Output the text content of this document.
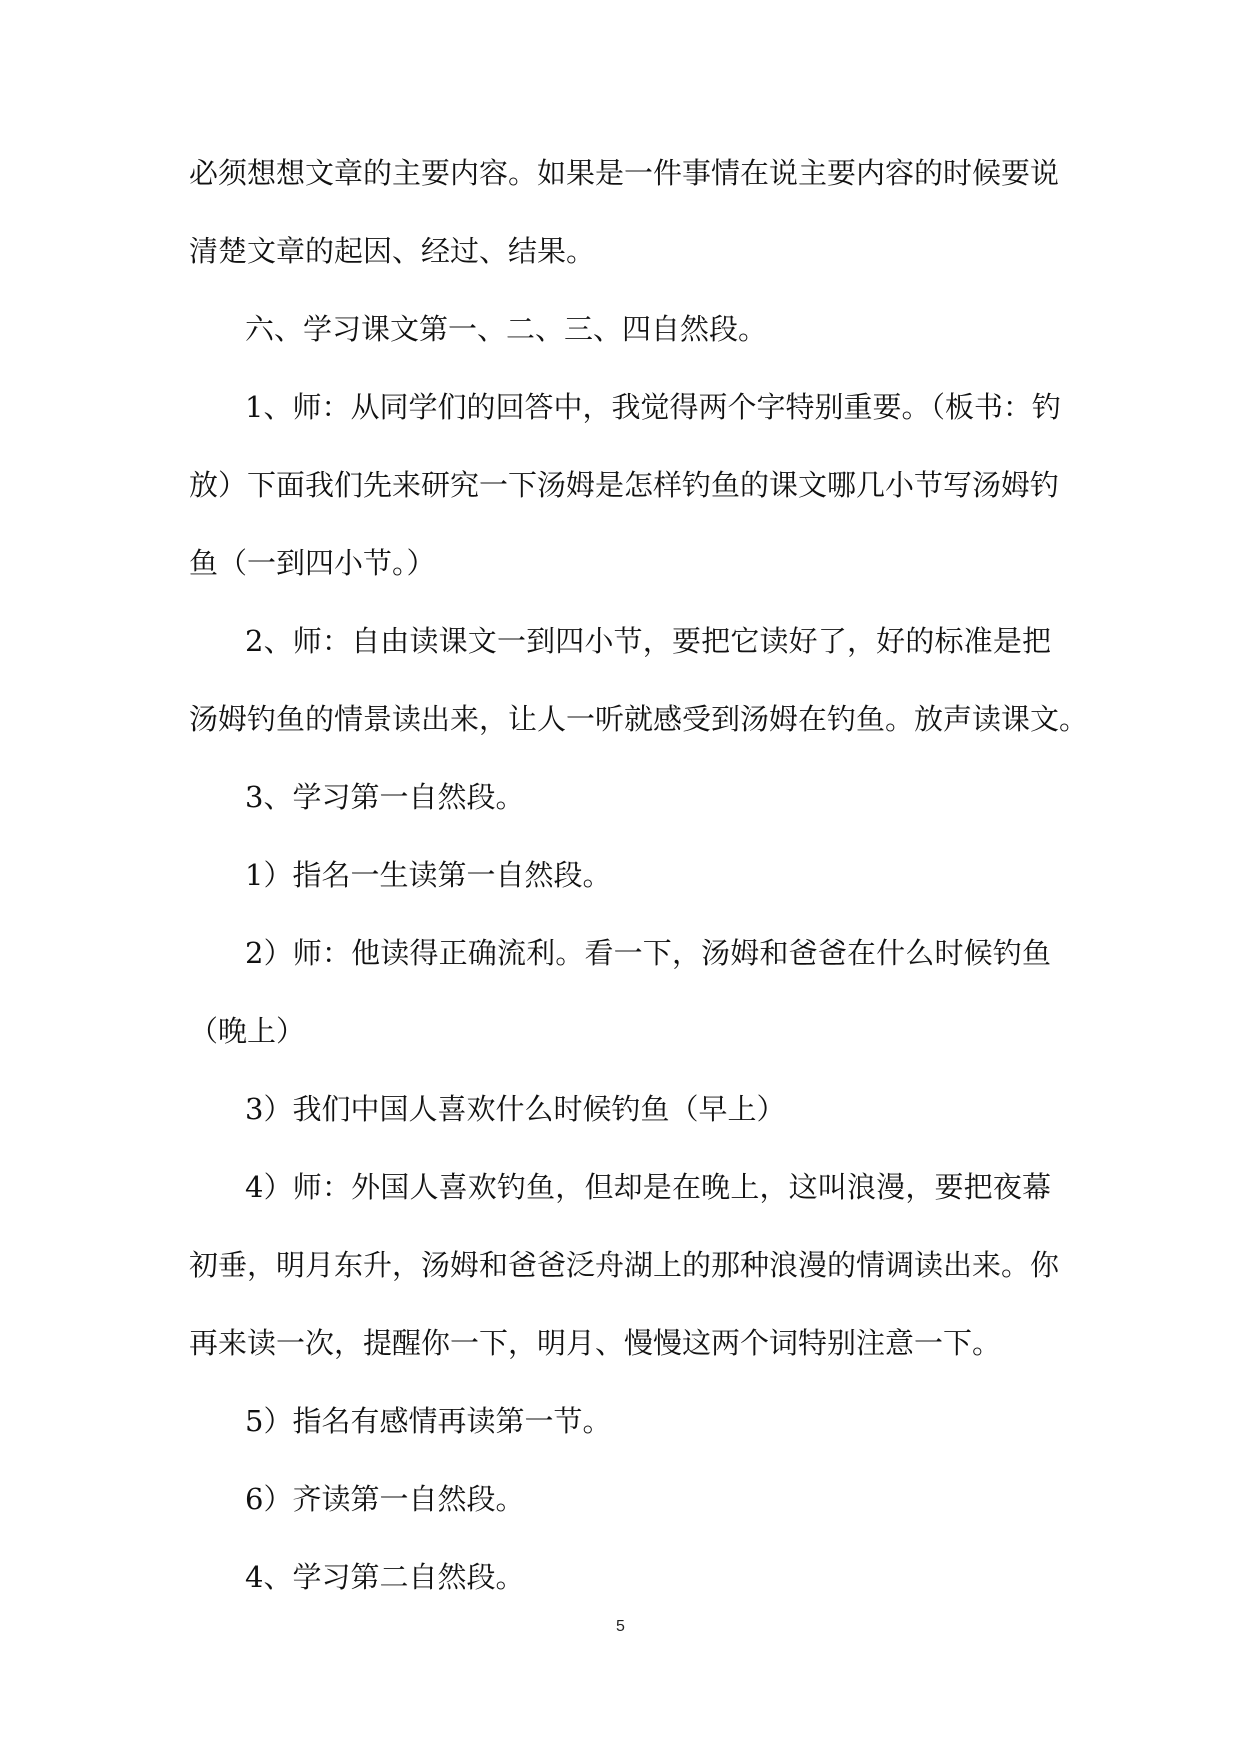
必须想想文章的主要内容。如果是一件事情在说主要内容的时候要说
清楚文章的起因、经过、结果。
六、学习课文第一、二、三、四自然段。
1、师：从同学们的回答中，我觉得两个字特别重要。（板书：钓
放）下面我们先来研究一下汤姆是怎样钓鱼的课文哪几小节写汤姆钓
鱼（一到四小节。）
2、师：自由读课文一到四小节，要把它读好了，好的标准是把
汤姆钓鱼的情景读出来，让人一听就感受到汤姆在钓鱼。放声读课文。
3、学习第一自然段。
1）指名一生读第一自然段。
2）师：他读得正确流利。看一下，汤姆和爸爸在什么时候钓鱼
（晚上）
3）我们中国人喜欢什么时候钓鱼（早上）
4）师：外国人喜欢钓鱼，但却是在晚上，这叫浪漫，要把夜幕
初垂，明月东升，汤姆和爸爸泛舟湖上的那种浪漫的情调读出来。你
再来读一次，提醒你一下，明月、慢慢这两个词特别注意一下。
5）指名有感情再读第一节。
6）齐读第一自然段。
4、学习第二自然段。
5
